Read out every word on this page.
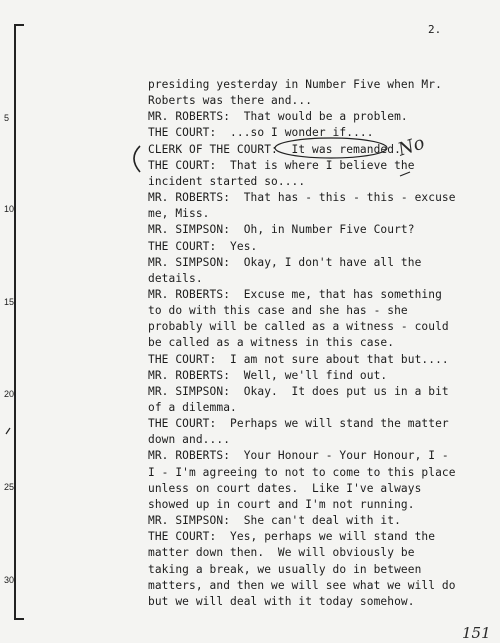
2.
5
10
15
20
25
30
presiding yesterday in Number Five when Mr.
Roberts was there and...
MR. ROBERTS:  That would be a problem.
THE COURT:  ...so I wonder if....
CLERK OF THE COURT:  It was remanded.
THE COURT:  That is where I believe the
incident started so....
MR. ROBERTS:  That has - this - this - excuse
me, Miss.
MR. SIMPSON:  Oh, in Number Five Court?
THE COURT:  Yes.
MR. SIMPSON:  Okay, I don't have all the
details.
MR. ROBERTS:  Excuse me, that has something
to do with this case and she has - she
probably will be called as a witness - could
be called as a witness in this case.
THE COURT:  I am not sure about that but....
MR. ROBERTS:  Well, we'll find out.
MR. SIMPSON:  Okay.  It does put us in a bit
of a dilemma.
THE COURT:  Perhaps we will stand the matter
down and....
MR. ROBERTS:  Your Honour - Your Honour, I -
I - I'm agreeing to not to come to this place
unless on court dates.  Like I've always
showed up in court and I'm not running.
MR. SIMPSON:  She can't deal with it.
THE COURT:  Yes, perhaps we will stand the
matter down then.  We will obviously be
taking a break, we usually do in between
matters, and then we will see what we will do
but we will deal with it today somehow.
No
151
